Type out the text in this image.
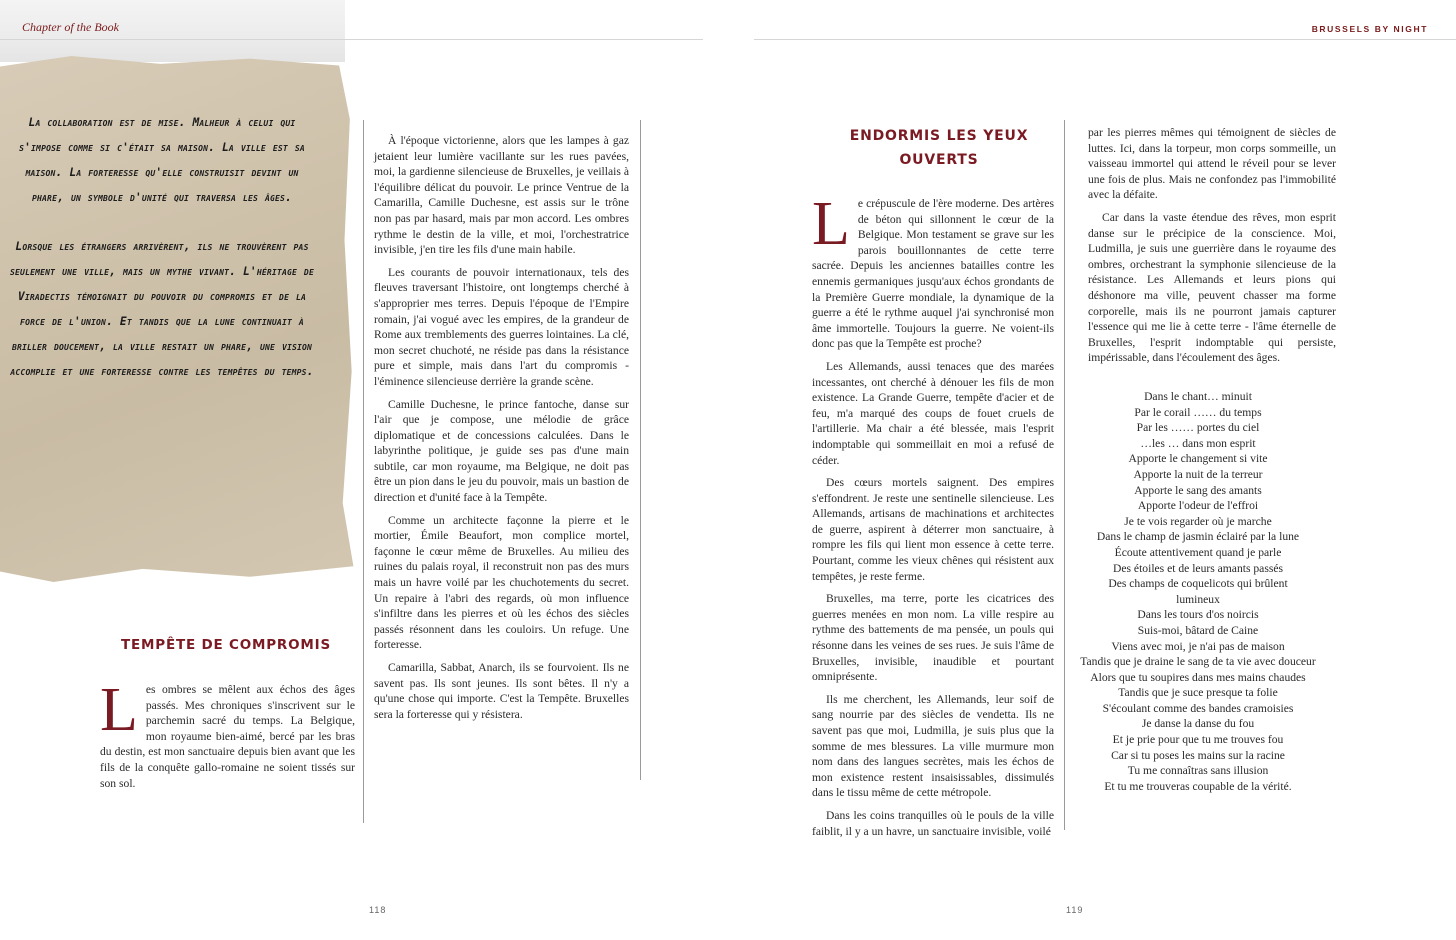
Chapter of the Book	BRUSSELS BY NIGHT

La collaboration est de mise. Malheur à celui qui s'impose comme si c'était sa maison. La ville est sa maison. La forteresse qu'elle construisit devint un phare, un symbole d'unité qui traversa les âges.

Lorsque les étrangers arrivèrent, ils ne trouvèrent pas seulement une ville, mais un mythe vivant. L'héritage de Viradectis témoignait du pouvoir du compromis et de la force de l'union. Et tandis que la lune continuait à briller doucement, la ville restait un phare, une vision accomplie et une forteresse contre les tempêtes du temps.

TEMPÊTE DE COMPROMIS

L es ombres se mêlent aux échos des âges passés. Mes chroniques s'inscrivent sur le parchemin sacré du temps. La Belgique, mon royaume bien-aimé, bercé par les bras du destin, est mon sanctuaire depuis bien avant que les fils de la conquête gallo-romaine ne soient tissés sur son sol.

À l'époque victorienne, alors que les lampes à gaz jetaient leur lumière vacillante sur les rues pavées, moi, la gardienne silencieuse de Bruxelles, je veillais à l'équilibre délicat du pouvoir. Le prince Ventrue de la Camarilla, Camille Duchesne, est assis sur le trône non pas par hasard, mais par mon accord. Les ombres rythme le destin de la ville, et moi, l'orchestratrice invisible, j'en tire les fils d'une main habile.

Les courants de pouvoir internationaux, tels des fleuves traversant l'histoire, ont longtemps cherché à s'approprier mes terres. Depuis l'époque de l'Empire romain, j'ai vogué avec les empires, de la grandeur de Rome aux tremblements des guerres lointaines. La clé, mon secret chuchoté, ne réside pas dans la résistance pure et simple, mais dans l'art du compromis - l'éminence silencieuse derrière la grande scène.

Camille Duchesne, le prince fantoche, danse sur l'air que je compose, une mélodie de grâce diplomatique et de concessions calculées. Dans le labyrinthe politique, je guide ses pas d'une main subtile, car mon royaume, ma Belgique, ne doit pas être un pion dans le jeu du pouvoir, mais un bastion de direction et d'unité face à la Tempête.

Comme un architecte façonne la pierre et le mortier, Émile Beaufort, mon complice mortel, façonne le cœur même de Bruxelles. Au milieu des ruines du palais royal, il reconstruit non pas des murs mais un havre voilé par les chuchotements du secret. Un repaire à l'abri des regards, où mon influence s'infiltre dans les pierres et où les échos des siècles passés résonnent dans les couloirs. Un refuge. Une forteresse.

Camarilla, Sabbat, Anarch, ils se fourvoient. Ils ne savent pas. Ils sont jeunes. Ils sont bêtes. Il n'y a qu'une chose qui importe. C'est la Tempête. Bruxelles sera la forteresse qui y résistera.

118
ENDORMIS LES YEUX OUVERTS

L e crépuscule de l'ère moderne. Des artères de béton qui sillonnent le cœur de la Belgique. Mon testament se grave sur les parois bouillonnantes de cette terre sacrée. Depuis les anciennes batailles contre les ennemis germaniques jusqu'aux échos grondants de la Première Guerre mondiale, la dynamique de la guerre a été le rythme auquel j'ai synchronisé mon âme immortelle. Toujours la guerre. Ne voient-ils donc pas que la Tempête est proche?

Les Allemands, aussi tenaces que des marées incessantes, ont cherché à dénouer les fils de mon existence. La Grande Guerre, tempête d'acier et de feu, m'a marqué des coups de fouet cruels de l'artillerie. Ma chair a été blessée, mais l'esprit indomptable qui sommeillait en moi a refusé de céder.

Des cœurs mortels saignent. Des empires s'effondrent. Je reste une sentinelle silencieuse. Les Allemands, artisans de machinations et architectes de guerre, aspirent à déterrer mon sanctuaire, à rompre les fils qui lient mon essence à cette terre. Pourtant, comme les vieux chênes qui résistent aux tempêtes, je reste ferme.

Bruxelles, ma terre, porte les cicatrices des guerres menées en mon nom. La ville respire au rythme des battements de ma pensée, un pouls qui résonne dans les veines de ses rues. Je suis l'âme de Bruxelles, invisible, inaudible et pourtant omniprésente.

Ils me cherchent, les Allemands, leur soif de sang nourrie par des siècles de vendetta. Ils ne savent pas que moi, Ludmilla, je suis plus que la somme de mes blessures. La ville murmure mon nom dans des langues secrètes, mais les échos de mon existence restent insaisissables, dissimulés dans le tissu même de cette métropole.

Dans les coins tranquilles où le pouls de la ville faiblit, il y a un havre, un sanctuaire invisible, voilé

par les pierres mêmes qui témoignent de siècles de luttes. Ici, dans la torpeur, mon corps sommeille, un vaisseau immortel qui attend le réveil pour se lever une fois de plus. Mais ne confondez pas l'immobilité avec la défaite.

Car dans la vaste étendue des rêves, mon esprit danse sur le précipice de la conscience. Moi, Ludmilla, je suis une guerrière dans le royaume des ombres, orchestrant la symphonie silencieuse de la résistance. Les Allemands et leurs pions qui déshonore ma ville, peuvent chasser ma forme corporelle, mais ils ne pourront jamais capturer l'essence qui me lie à cette terre - l'âme éternelle de Bruxelles, l'esprit indomptable qui persiste, impérissable, dans l'écoulement des âges.

Dans le chant… minuit
Par le corail …… du temps
Par les …… portes du ciel
…les … dans mon esprit
Apporte le changement si vite
Apporte la nuit de la terreur
Apporte le sang des amants
Apporte l'odeur de l'effroi
Je te vois regarder où je marche
Dans le champ de jasmin éclairé par la lune
Écoute attentivement quand je parle
Des étoiles et de leurs amants passés
Des champs de coquelicots qui brûlent
lumineux
Dans les tours d'os noircis
Suis-moi, bâtard de Caine
Viens avec moi, je n'ai pas de maison
Tandis que je draine le sang de ta vie avec douceur
Alors que tu soupires dans mes mains chaudes
Tandis que je suce presque ta folie
S'écoulant comme des bandes cramoisies
Je danse la danse du fou
Et je prie pour que tu me trouves fou
Car si tu poses les mains sur la racine
Tu me connaîtras sans illusion
Et tu me trouveras coupable de la vérité.
119
